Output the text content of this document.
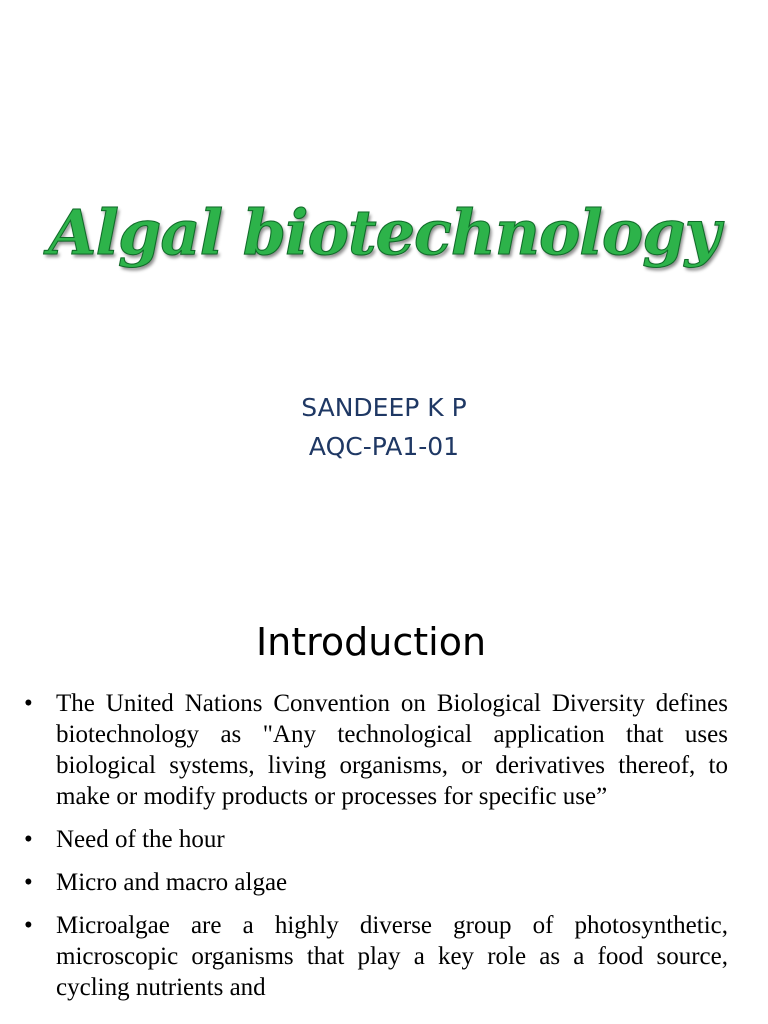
Algal biotechnology
SANDEEP K P
AQC-PA1-01
Introduction
• The United Nations Convention on Biological Diversity defines biotechnology as "Any technological application that uses biological systems, living organisms, or derivatives thereof, to make or modify products or processes for specific use”
• Need of the hour
• Micro and macro algae
• Microalgae are a highly diverse group of photosynthetic, microscopic organisms that play a key role as a food source, cycling nutrients and
